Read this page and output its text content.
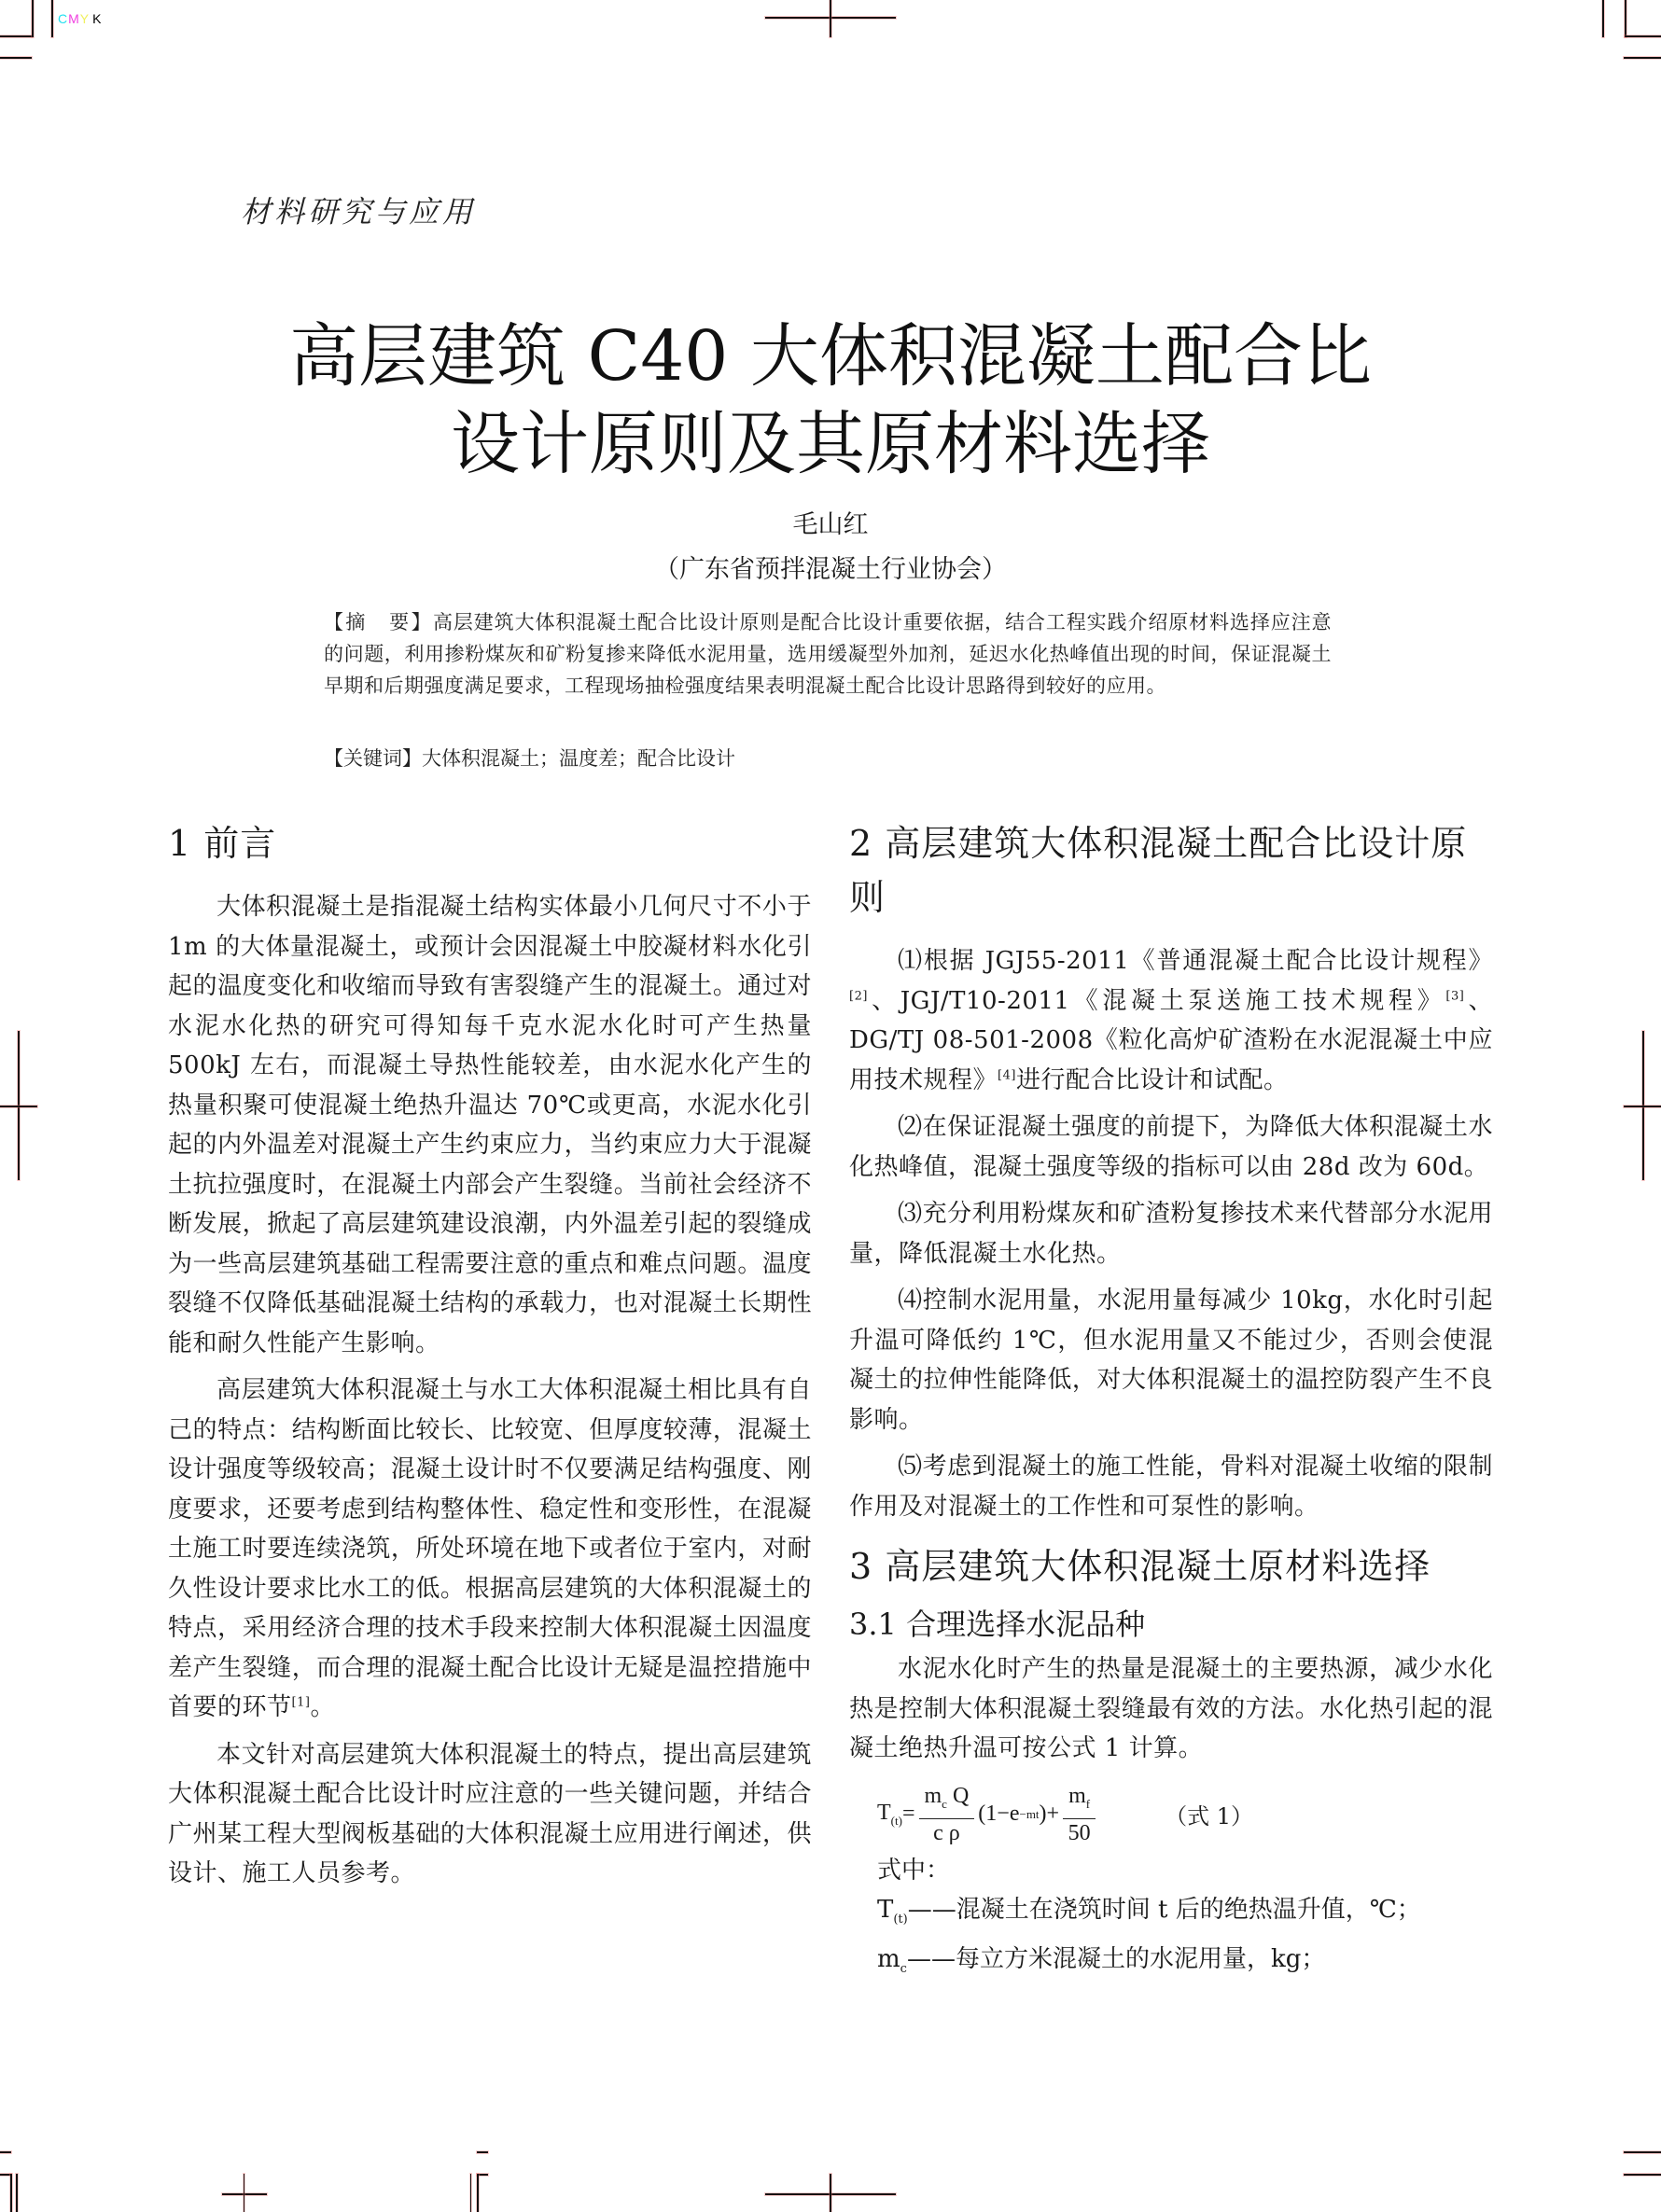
CMY K
材料研究与应用
高层建筑 C40 大体积混凝土配合比
设计原则及其原材料选择
毛山红
（广东省预拌混凝土行业协会）
【摘　要】高层建筑大体积混凝土配合比设计原则是配合比设计重要依据，结合工程实践介绍原材料选择应注意的问题，利用掺粉煤灰和矿粉复掺来降低水泥用量，选用缓凝型外加剂，延迟水化热峰值出现的时间，保证混凝土早期和后期强度满足要求，工程现场抽检强度结果表明混凝土配合比设计思路得到较好的应用。
【关键词】大体积混凝土；温度差；配合比设计
1 前言

大体积混凝土是指混凝土结构实体最小几何尺寸不小于 1m 的大体量混凝土，或预计会因混凝土中胶凝材料水化引起的温度变化和收缩而导致有害裂缝产生的混凝土。通过对水泥水化热的研究可得知每千克水泥水化时可产生热量 500kJ 左右，而混凝土导热性能较差，由水泥水化产生的热量积聚可使混凝土绝热升温达 70℃或更高，水泥水化引起的内外温差对混凝土产生约束应力，当约束应力大于混凝土抗拉强度时，在混凝土内部会产生裂缝。当前社会经济不断发展，掀起了高层建筑建设浪潮，内外温差引起的裂缝成为一些高层建筑基础工程需要注意的重点和难点问题。温度裂缝不仅降低基础混凝土结构的承载力，也对混凝土长期性能和耐久性能产生影响。

高层建筑大体积混凝土与水工大体积混凝土相比具有自己的特点：结构断面比较长、比较宽、但厚度较薄，混凝土设计强度等级较高；混凝土设计时不仅要满足结构强度、刚度要求，还要考虑到结构整体性、稳定性和变形性，在混凝土施工时要连续浇筑，所处环境在地下或者位于室内，对耐久性设计要求比水工的低。根据高层建筑的大体积混凝土的特点，采用经济合理的技术手段来控制大体积混凝土因温度差产生裂缝，而合理的混凝土配合比设计无疑是温控措施中首要的环节[1]。

本文针对高层建筑大体积混凝土的特点，提出高层建筑大体积混凝土配合比设计时应注意的一些关键问题，并结合广州某工程大型阀板基础的大体积混凝土应用进行阐述，供设计、施工人员参考。

2 高层建筑大体积混凝土配合比设计原则

⑴根据 JGJ55-2011《普通混凝土配合比设计规程》[2]、JGJ/T10-2011《混凝土泵送施工技术规程》[3]、DG/TJ 08-501-2008《粒化高炉矿渣粉在水泥混凝土中应用技术规程》[4]进行配合比设计和试配。

⑵在保证混凝土强度的前提下，为降低大体积混凝土水化热峰值，混凝土强度等级的指标可以由 28d 改为 60d。

⑶充分利用粉煤灰和矿渣粉复掺技术来代替部分水泥用量，降低混凝土水化热。

⑷控制水泥用量，水泥用量每减少 10kg，水化时引起升温可降低约 1℃，但水泥用量又不能过少，否则会使混凝土的拉伸性能降低，对大体积混凝土的温控防裂产生不良影响。

⑸考虑到混凝土的施工性能，骨料对混凝土收缩的限制作用及对混凝土的工作性和可泵性的影响。

3 高层建筑大体积混凝土原材料选择
3.1 合理选择水泥品种

水泥水化时产生的热量是混凝土的主要热源，减少水化热是控制大体积混凝土裂缝最有效的方法。水化热引起的混凝土绝热升温可按公式 1 计算。

$T_{(t)} = \frac{m_c Q}{\text{c ρ}} (1-e -mt$ )+ $\frac{m_f}{50}$	（式 1）
式中：
$T_{(t)}——$混凝土在浇筑时间 t 后的绝热温升值，℃；
$m_c——$每立方米混凝土的水泥用量，kg；
